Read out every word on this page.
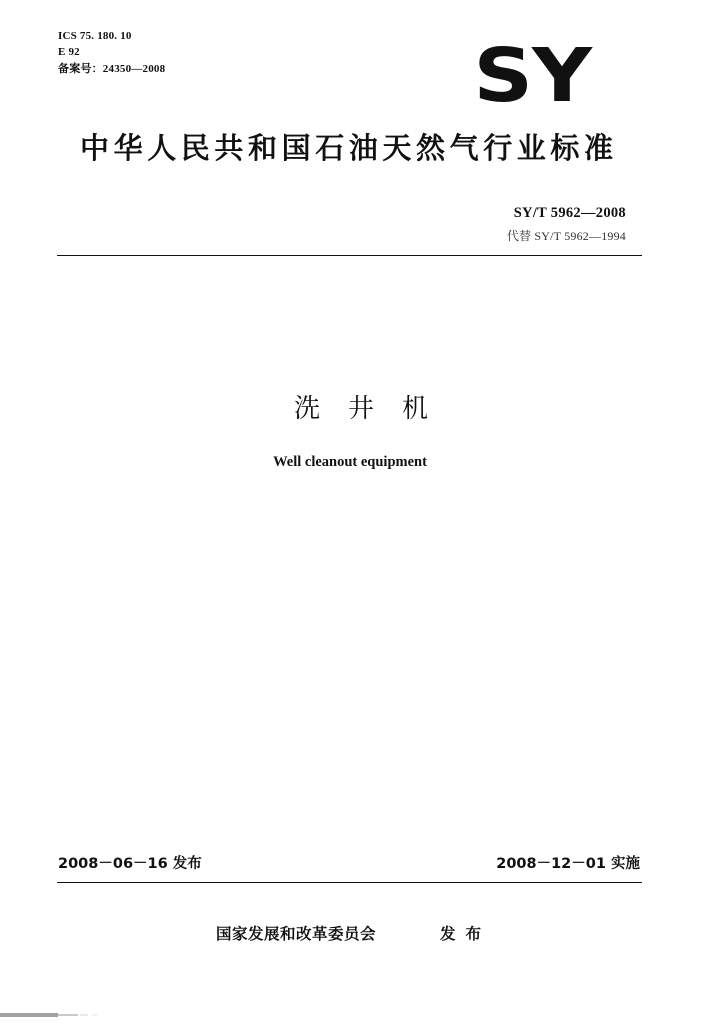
ICS 75. 180. 10
E 92
备案号：24350—2008	SY
中华人民共和国石油天然气行业标准
SY/T 5962—2008
代替 SY/T 5962—1994
洗井机
Well cleanout equipment
2008－06－16 发布	2008－12－01 实施
国家发展和改革委员会	发布
